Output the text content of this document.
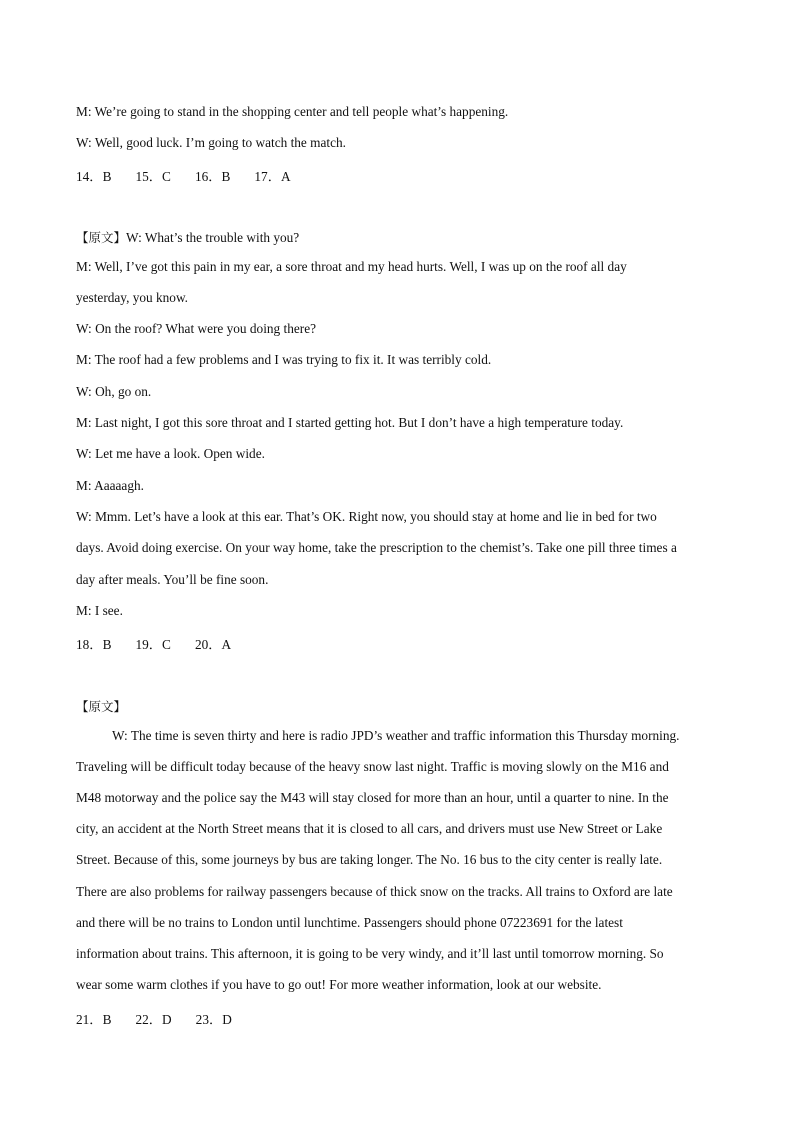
M: We’re going to stand in the shopping center and tell people what’s happening.
W: Well, good luck. I’m going to watch the match.
14．B 15．C 16．B 17．A
【原文】W: What’s the trouble with you?
M: Well, I’ve got this pain in my ear, a sore throat and my head hurts. Well, I was up on the roof all day
yesterday, you know.
W: On the roof? What were you doing there?
M: The roof had a few problems and I was trying to fix it. It was terribly cold.
W: Oh, go on.
M: Last night, I got this sore throat and I started getting hot. But I don’t have a high temperature today.
W: Let me have a look. Open wide.
M: Aaaaagh.
W: Mmm. Let’s have a look at this ear. That’s OK. Right now, you should stay at home and lie in bed for two
days. Avoid doing exercise. On your way home, take the prescription to the chemist’s. Take one pill three times a
day after meals. You’ll be fine soon.
M: I see.
18．B 19．C 20．A
【原文】
W: The time is seven thirty and here is radio JPD’s weather and traffic information this Thursday morning.
Traveling will be difficult today because of the heavy snow last night. Traffic is moving slowly on the M16 and
M48 motorway and the police say the M43 will stay closed for more than an hour, until a quarter to nine. In the
city, an accident at the North Street means that it is closed to all cars, and drivers must use New Street or Lake
Street. Because of this, some journeys by bus are taking longer. The No. 16 bus to the city center is really late.
There are also problems for railway passengers because of thick snow on the tracks. All trains to Oxford are late
and there will be no trains to London until lunchtime. Passengers should phone 07223691 for the latest
information about trains. This afternoon, it is going to be very windy, and it’ll last until tomorrow morning. So
wear some warm clothes if you have to go out! For more weather information, look at our website.
21．B 22．D 23．D
